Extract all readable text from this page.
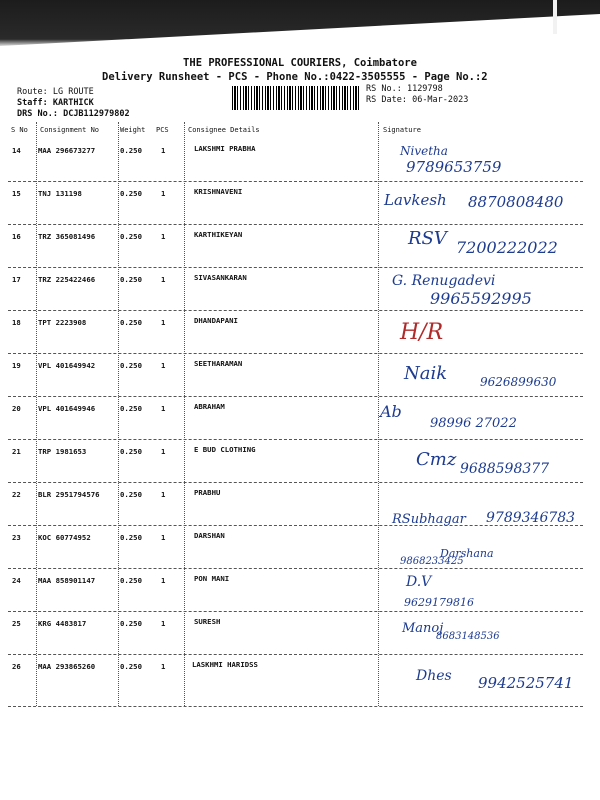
THE PROFESSIONAL COURIERS, Coimbatore
Delivery Runsheet - PCS - Phone No.:0422-3505555 - Page No.:2
Route: LG ROUTE
Staff: KARTHICK
DRS No.: DCJB112979802
RS No.: 1129798
RS Date: 06-Mar-2023
S No Consignment No	Weight PCS	Consignee Details	Signature
14 MAA 296673277	0.250	1	LAKSHMI PRABHA	Nivetha
9789653759
15 TNJ 131198	0.250	1	KRISHNAVENI	Lavkesh 8870808480
16 TRZ 365081496	0.250	1	KARTHIKEYAN	RSV 7200222022
17 TRZ 225422466	0.250	1	SIVASANKARAN	G. Renugadevi
9965592995
18 TPT 2223908	0.250	1	DHANDAPANI	H/R
19 VPL 401649942	0.250	1	SEETHARAMAN	Naik	9626899630
20 VPL 401649946	0.250	1	ABRAHAM	Ab
98996 27022
21 TRP 1981653	0.250	1	E BUD CLOTHING	Cmz 9688598377
22 BLR 2951794576	0.250	1	PRABHU
RSubhagar 9789346783
23 KOC 60774952	0.250	1	DARSHAN
Darshana
9868233425
24 MAA 858901147	0.250	1	PON MANI	D.V
9629179816
25 KRG 4483817	0.250	1	SURESH	Manoj
8683148536
26 MAA 293865260	0.250	1	LASKHMI HARIDSS
Dhes 9942525741
